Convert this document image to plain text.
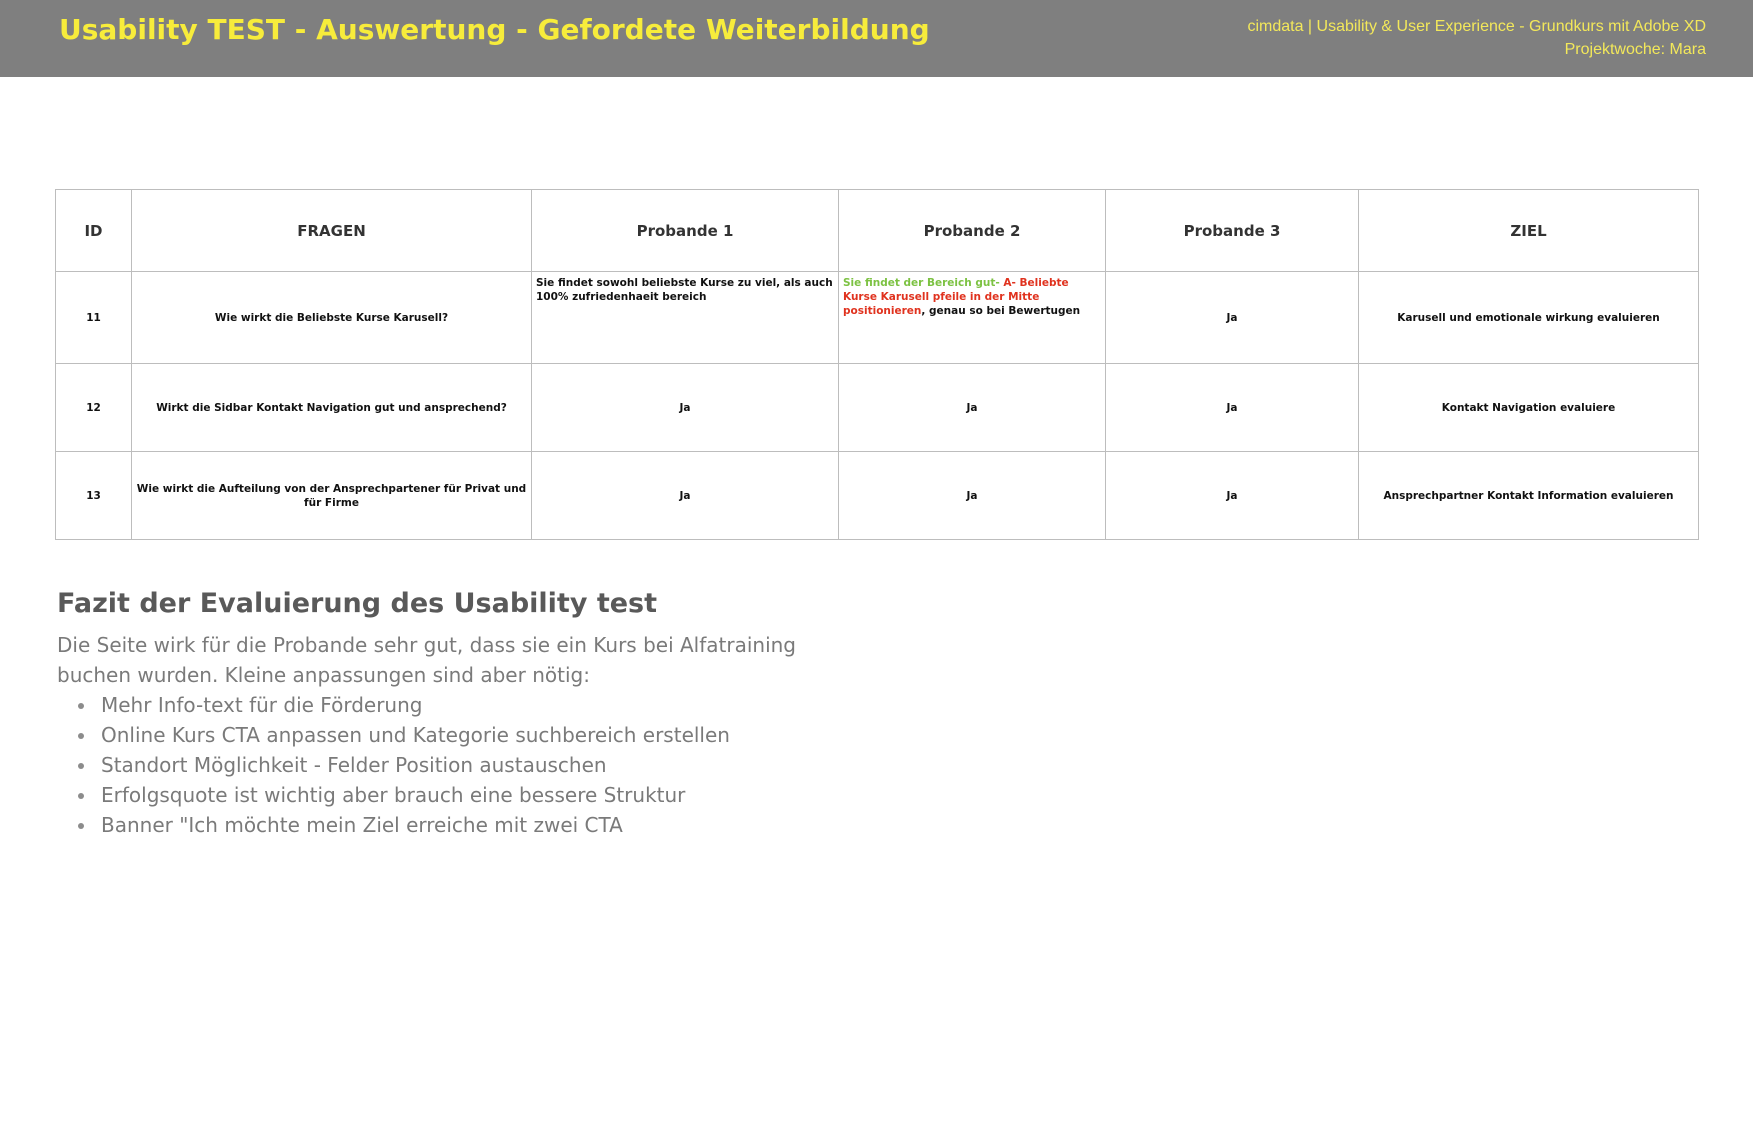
Usability TEST - Auswertung - Gefordete Weiterbildung	cimdata | Usability & User Experience - Grundkurs mit Adobe XD
Projektwoche: Mara
ID	FRAGEN	Probande 1	Probande 2	Probande 3	ZIEL
11	Wie wirkt die Beliebste Kurse Karusell?	Sie findet sowohl beliebste Kurse zu viel, als auch 100% zufriedenhaeit bereich	Sie findet der Bereich gut- A- Beliebte Kurse Karusell pfeile in der Mitte positionieren, genau so bei Bewertugen	Ja	Karusell und emotionale wirkung evaluieren
12	Wirkt die Sidbar Kontakt Navigation gut und ansprechend?	Ja	Ja	Ja	Kontakt Navigation evaluiere
13	Wie wirkt die Aufteilung von der Ansprechpartener für Privat und für Firme	Ja	Ja	Ja	Ansprechpartner Kontakt Information evaluieren
Fazit der Evaluierung des Usability test

Die Seite wirk für die Probande sehr gut, dass sie ein Kurs bei Alfatraining
buchen wurden. Kleine anpassungen sind aber nötig:

Mehr Info-text für die Förderung
Online Kurs CTA anpassen und Kategorie suchbereich erstellen
Standort Möglichkeit - Felder Position austauschen
Erfolgsquote ist wichtig aber brauch eine bessere Struktur
Banner "Ich möchte mein Ziel erreiche mit zwei CTA
